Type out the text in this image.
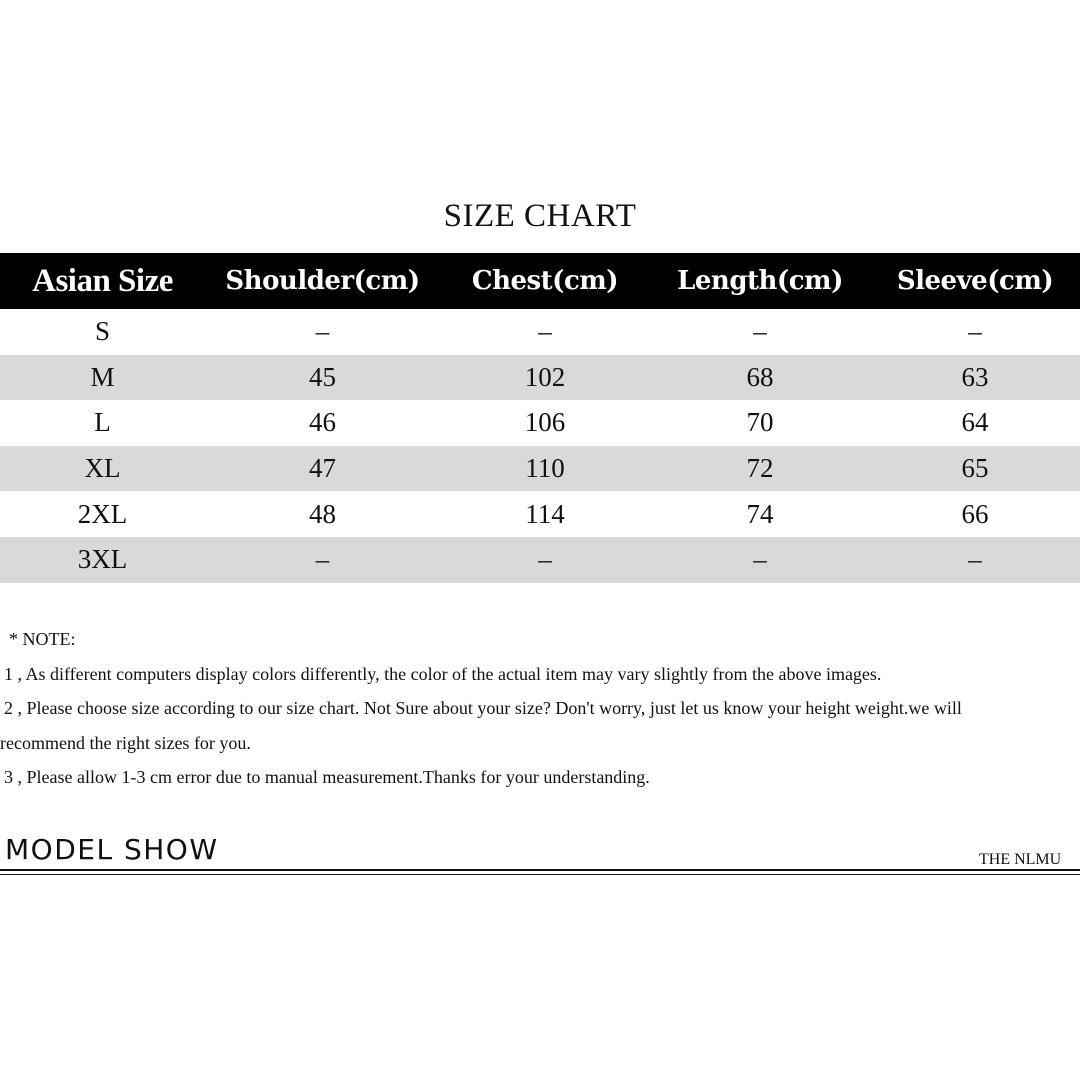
SIZE CHART
Asian Size	Shoulder(cm)	Chest(cm)	Length(cm)	Sleeve(cm)
S	–	–	–	–
M	45	102	68	63
L	46	106	70	64
XL	47	110	72	65
2XL	48	114	74	66
3XL	–	–	–	–
* NOTE:
1 , As different computers display colors differently, the color of the actual item may vary slightly from the above images.
2 , Please choose size according to our size chart. Not Sure about your size? Don't worry, just let us know your height weight.we will
recommend the right sizes for you.
3 , Please allow 1-3 cm error due to manual measurement.Thanks for your understanding.
MODEL SHOW	THE NLMU
